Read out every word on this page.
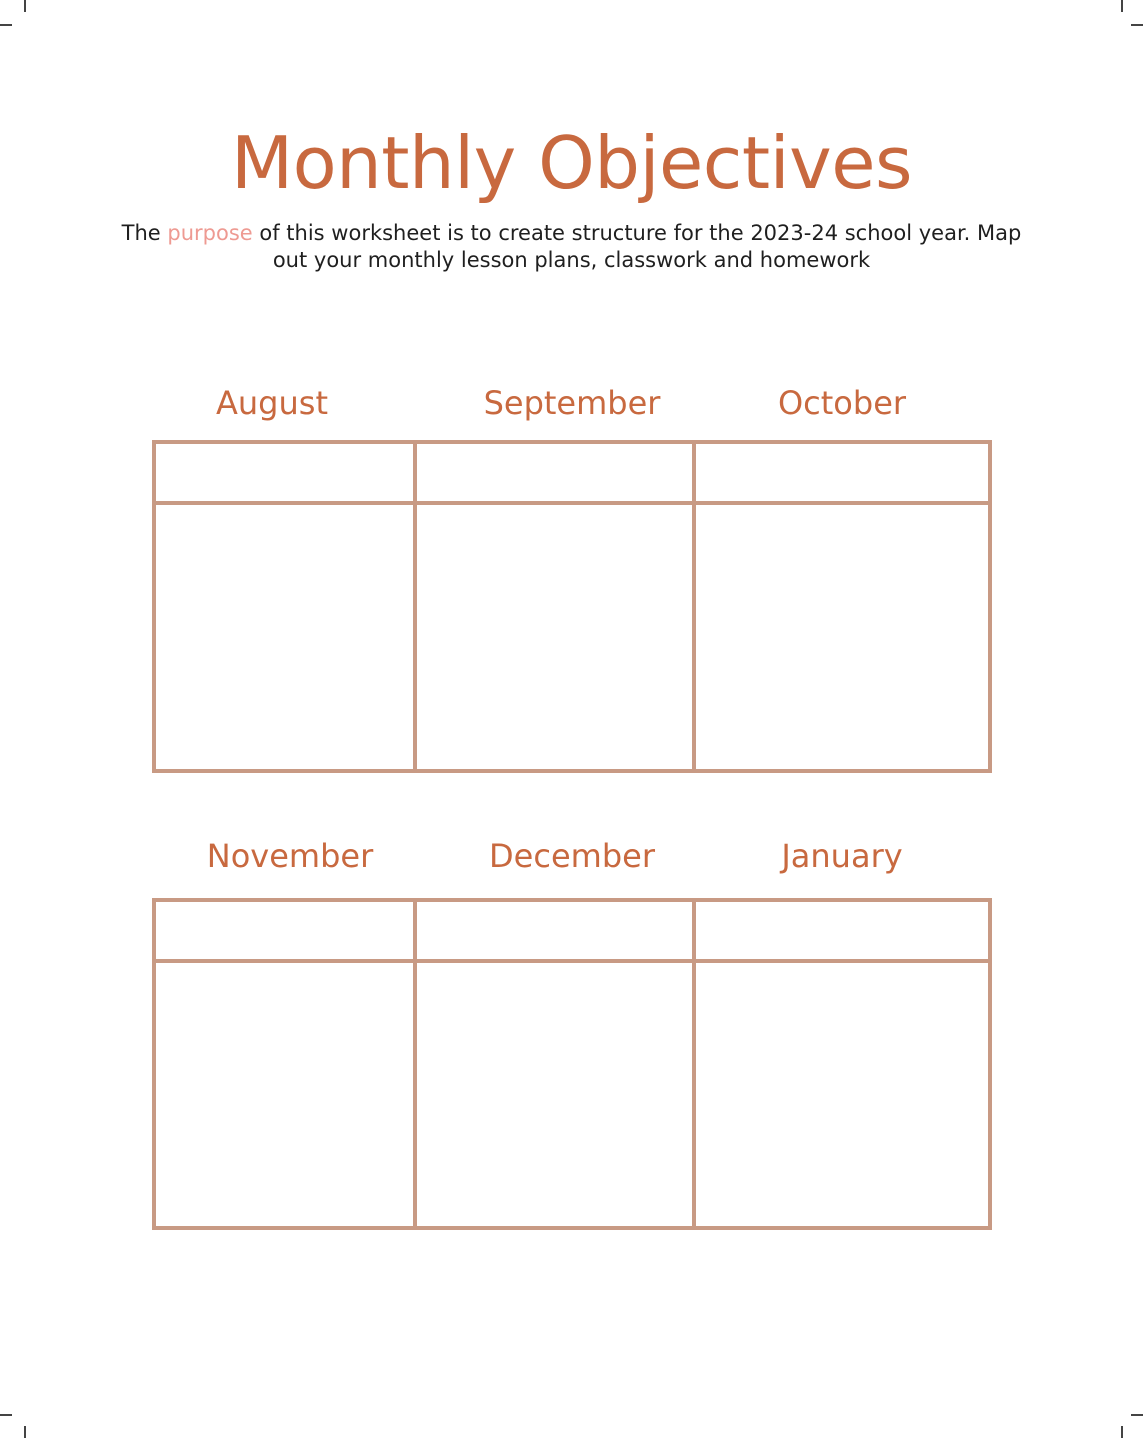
Monthly Objectives

The purpose of this worksheet is to create structure for the 2023-24 school year. Map out your monthly lesson plans, classwork and homework

August	September	October
November	December	January
